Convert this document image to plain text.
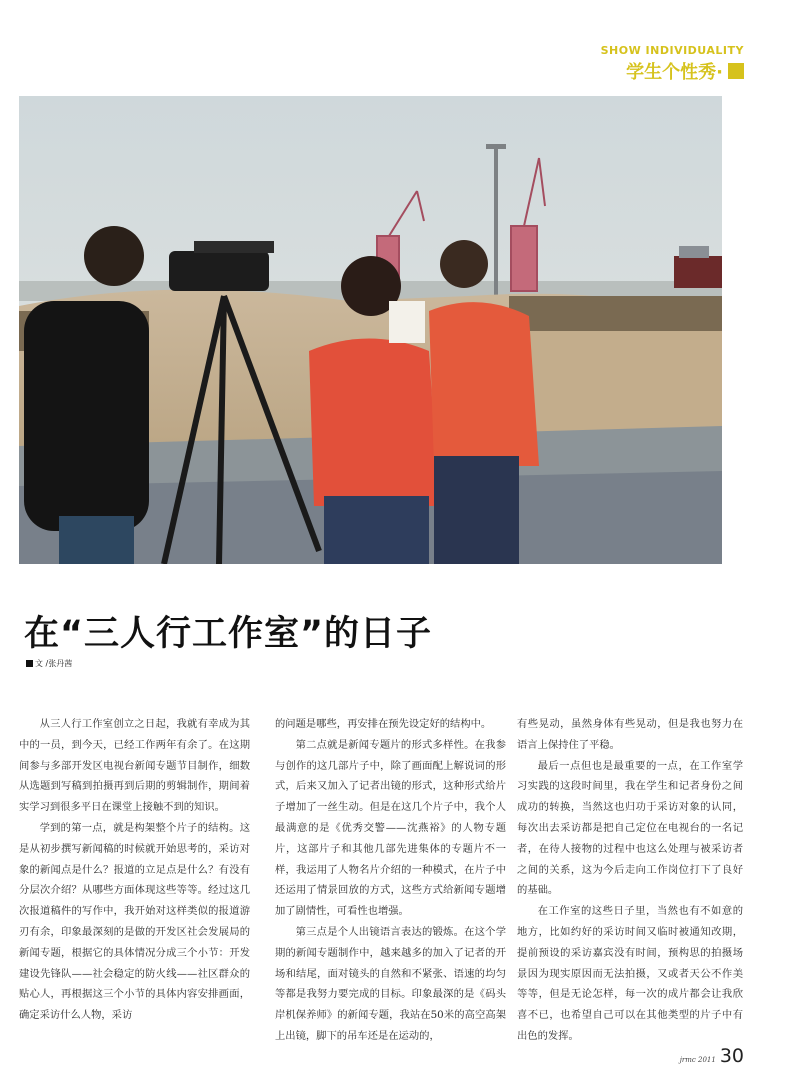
SHOW INDIVIDUALITY
学生个性秀·
在“三人行工作室”的日子
文 /张丹茜

从三人行工作室创立之日起，我就有幸成为其中的一员，到今天，已经工作两年有余了。在这期间参与多部开发区电视台新闻专题节目制作，细数从选题到写稿到拍摄再到后期的剪辑制作，期间着实学习到很多平日在课堂上接触不到的知识。

学到的第一点，就是构架整个片子的结构。这是从初步撰写新闻稿的时候就开始思考的，采访对象的新闻点是什么？报道的立足点是什么？有没有分层次介绍？从哪些方面体现这些等等。经过这几次报道稿件的写作中，我开始对这样类似的报道游刃有余，印象最深刻的是做的开发区社会发展局的新闻专题，根据它的具体情况分成三个小节：开发建设先锋队——社会稳定的防火线——社区群众的贴心人，再根据这三个小节的具体内容安排画面，确定采访什么人物，采访

的问题是哪些，再安排在预先设定好的结构中。

第二点就是新闻专题片的形式多样性。在我参与创作的这几部片子中，除了画面配上解说词的形式，后来又加入了记者出镜的形式，这种形式给片子增加了一丝生动。但是在这几个片子中，我个人最满意的是《优秀交警——沈燕裕》的人物专题片，这部片子和其他几部先进集体的专题片不一样，我运用了人物名片介绍的一种模式，在片子中还运用了情景回放的方式，这些方式给新闻专题增加了剧情性，可看性也增强。

第三点是个人出镜语言表达的锻炼。在这个学期的新闻专题制作中，越来越多的加入了记者的开场和结尾，面对镜头的自然和不紧张、语速的均匀等都是我努力要完成的目标。印象最深的是《码头岸机保养师》的新闻专题，我站在50米的高空高架上出镜，脚下的吊车还是在运动的，

有些晃动，虽然身体有些晃动，但是我也努力在语言上保持住了平稳。

最后一点但也是最重要的一点，在工作室学习实践的这段时间里，我在学生和记者身份之间成功的转换，当然这也归功于采访对象的认同，每次出去采访都是把自己定位在电视台的一名记者，在待人接物的过程中也这么处理与被采访者之间的关系，这为今后走向工作岗位打下了良好的基础。

在工作室的这些日子里，当然也有不如意的地方，比如约好的采访时间又临时被通知改期，提前预设的采访嘉宾没有时间，预构思的拍摄场景因为现实原因而无法拍摄，又或者天公不作美等等，但是无论怎样，每一次的成片都会让我欣喜不已，也希望自己可以在其他类型的片子中有出色的发挥。

jrmc 2011 30
